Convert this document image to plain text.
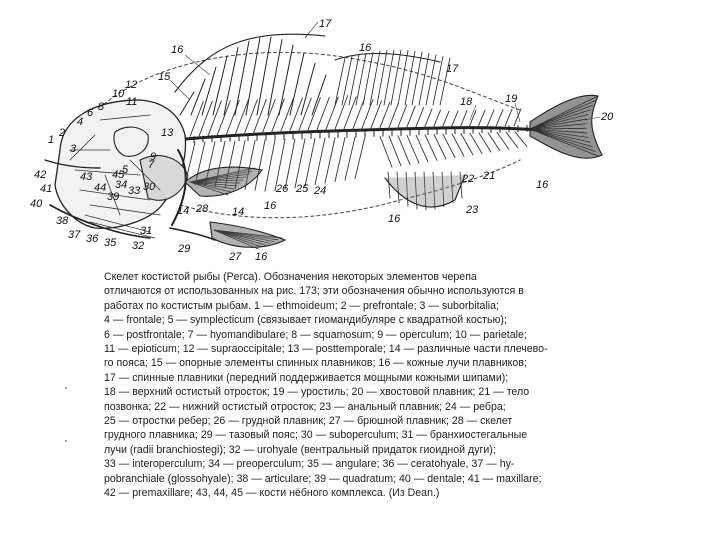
17
16	16
17
15
12
10
11
4
6 8
2
1
3
13
18	19
20
42	43
41
40
45
44
9
7
5
34 33 30
39
38
37 36 35 32
31
29
27 16
14 28 14 16
26 25 24
22 21
16
16
23
Скелет костистой рыбы (Perca). Обозначения некоторых элементов черепа
отличаются от использованных на рис. 173; эти обозначения обычно используются в
работах по костистым рыбам. 1 — ethmoideum; 2 — prefrontale; 3 — suborbitalia;
4 — frontale; 5 — symplecticum (связывает гиомандибуляре с квадратной костью);
6 — postfrontale; 7 — hyomandibulare; 8 — squamosum; 9 — operculum; 10 — parietale;
11 — epioticum; 12 — supraoccipitale; 13 — posttemporale; 14 — различные части плечево-
го пояса; 15 — опорные элементы спинных плавников; 16 — кожные лучи плавников;
17 — спинные плавники (передний поддерживается мощными кожными шипами);
18 — верхний остистый отросток; 19 — уростиль; 20 — хвостовой плавник; 21 — тело
позвонка; 22 — нижний остистый отросток; 23 — анальный плавник; 24 — ребра;
25 — отростки ребер; 26 — грудной плавник; 27 — брюшной плавник; 28 — скелет
грудного плавника; 29 — тазовый пояс; 30 — suboperculum; 31 — бранхиостегальные
лучи (radii branchiostegi); 32 — urohyale (вентральный придаток гиоидной дуги);
33 — interoperculum; 34 — preoperculum; 35 — angulare; 36 — ceratohyale, 37 — hy-
pobranchiale (glossohyale); 38 — articulare; 39 — quadratum; 40 — dentale; 41 — maxillare;
42 — premaxillare; 43, 44, 45 — кости нёбного комплекса. (Из Dean.)
